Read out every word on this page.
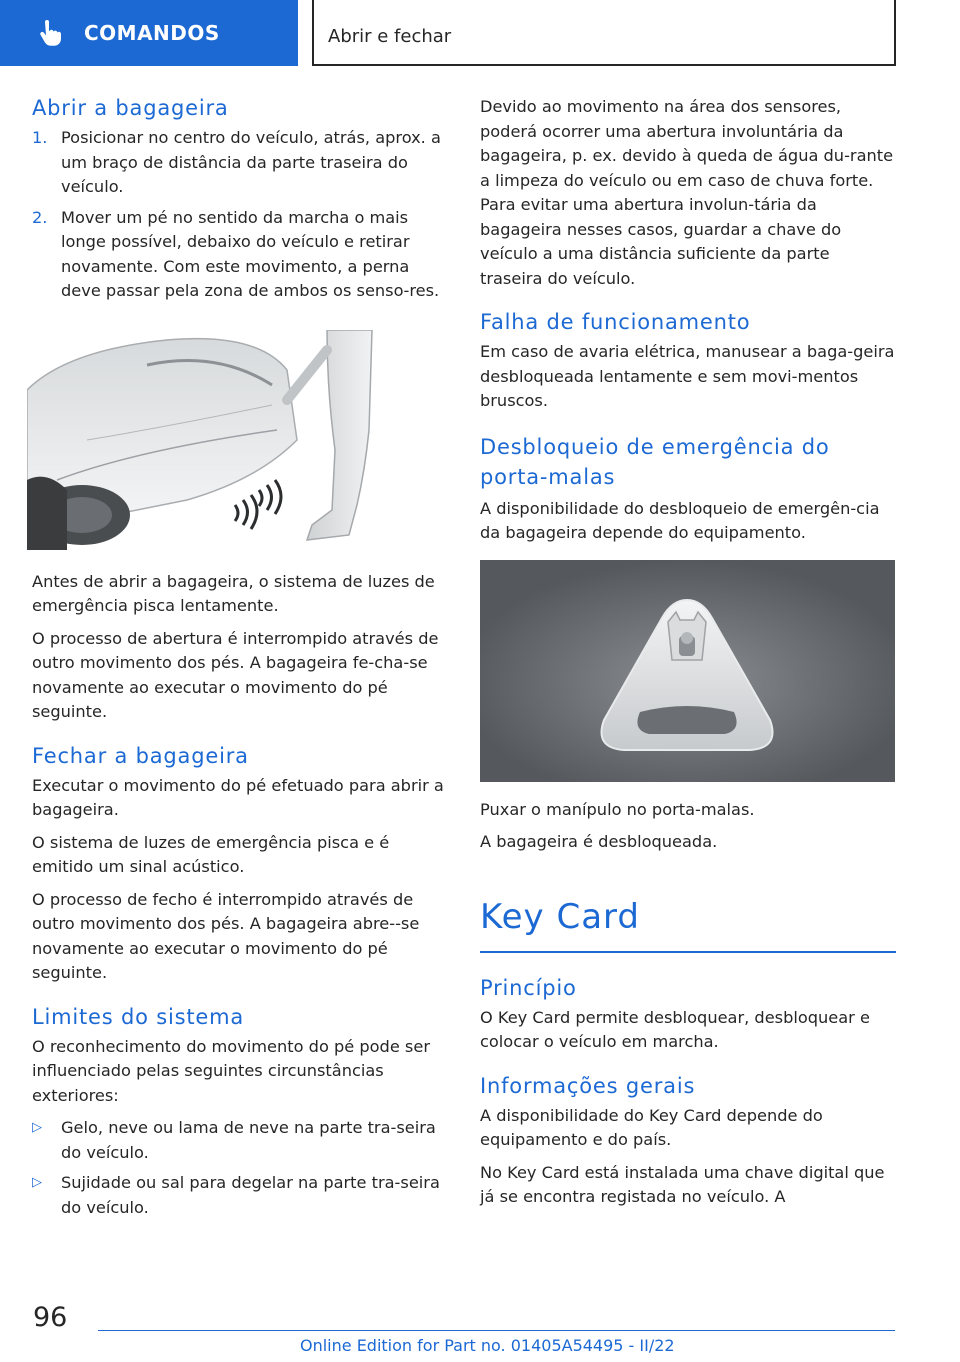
COMANDOS	Abrir e fechar
Abrir a bagageira
1. Posicionar no centro do veículo, atrás, aprox. a um braço de distância da parte traseira do veículo.
2. Mover um pé no sentido da marcha o mais longe possível, debaixo do veículo e retirar novamente. Com este movimento, a perna deve passar pela zona de ambos os senso‐res.

Antes de abrir a bagageira, o sistema de luzes de emergência pisca lentamente.

O processo de abertura é interrompido através de outro movimento dos pés. A bagageira fe‐cha-se novamente ao executar o movimento do pé seguinte.

Fechar a bagageira

Executar o movimento do pé efetuado para abrir a bagageira.

O sistema de luzes de emergência pisca e é emitido um sinal acústico.

O processo de fecho é interrompido através de outro movimento dos pés. A bagageira abre-‐se novamente ao executar o movimento do pé seguinte.

Limites do sistema

O reconhecimento do movimento do pé pode ser influenciado pelas seguintes circunstâncias exteriores:

▷ Gelo, neve ou lama de neve na parte tra‐seira do veículo.
▷ Sujidade ou sal para degelar na parte tra‐seira do veículo.

Devido ao movimento na área dos sensores, poderá ocorrer uma abertura involuntária da bagageira, p. ex. devido à queda de água du‐rante a limpeza do veículo ou em caso de chuva forte. Para evitar uma abertura involun‐tária da bagageira nesses casos, guardar a chave do veículo a uma distância suficiente da parte traseira do veículo.

Falha de funcionamento

Em caso de avaria elétrica, manusear a baga‐geira desbloqueada lentamente e sem movi‐mentos bruscos.

Desbloqueio de emergência do porta-malas

A disponibilidade do desbloqueio de emergên‐cia da bagageira depende do equipamento.

Puxar o manípulo no porta-malas.

A bagageira é desbloqueada.

Key Card
Princípio

O Key Card permite desbloquear, desbloquear e colocar o veículo em marcha.

Informações gerais

A disponibilidade do Key Card depende do equipamento e do país.

No Key Card está instalada uma chave digital que já se encontra registada no veículo. A

96
Online Edition for Part no. 01405A54495 - II/22
